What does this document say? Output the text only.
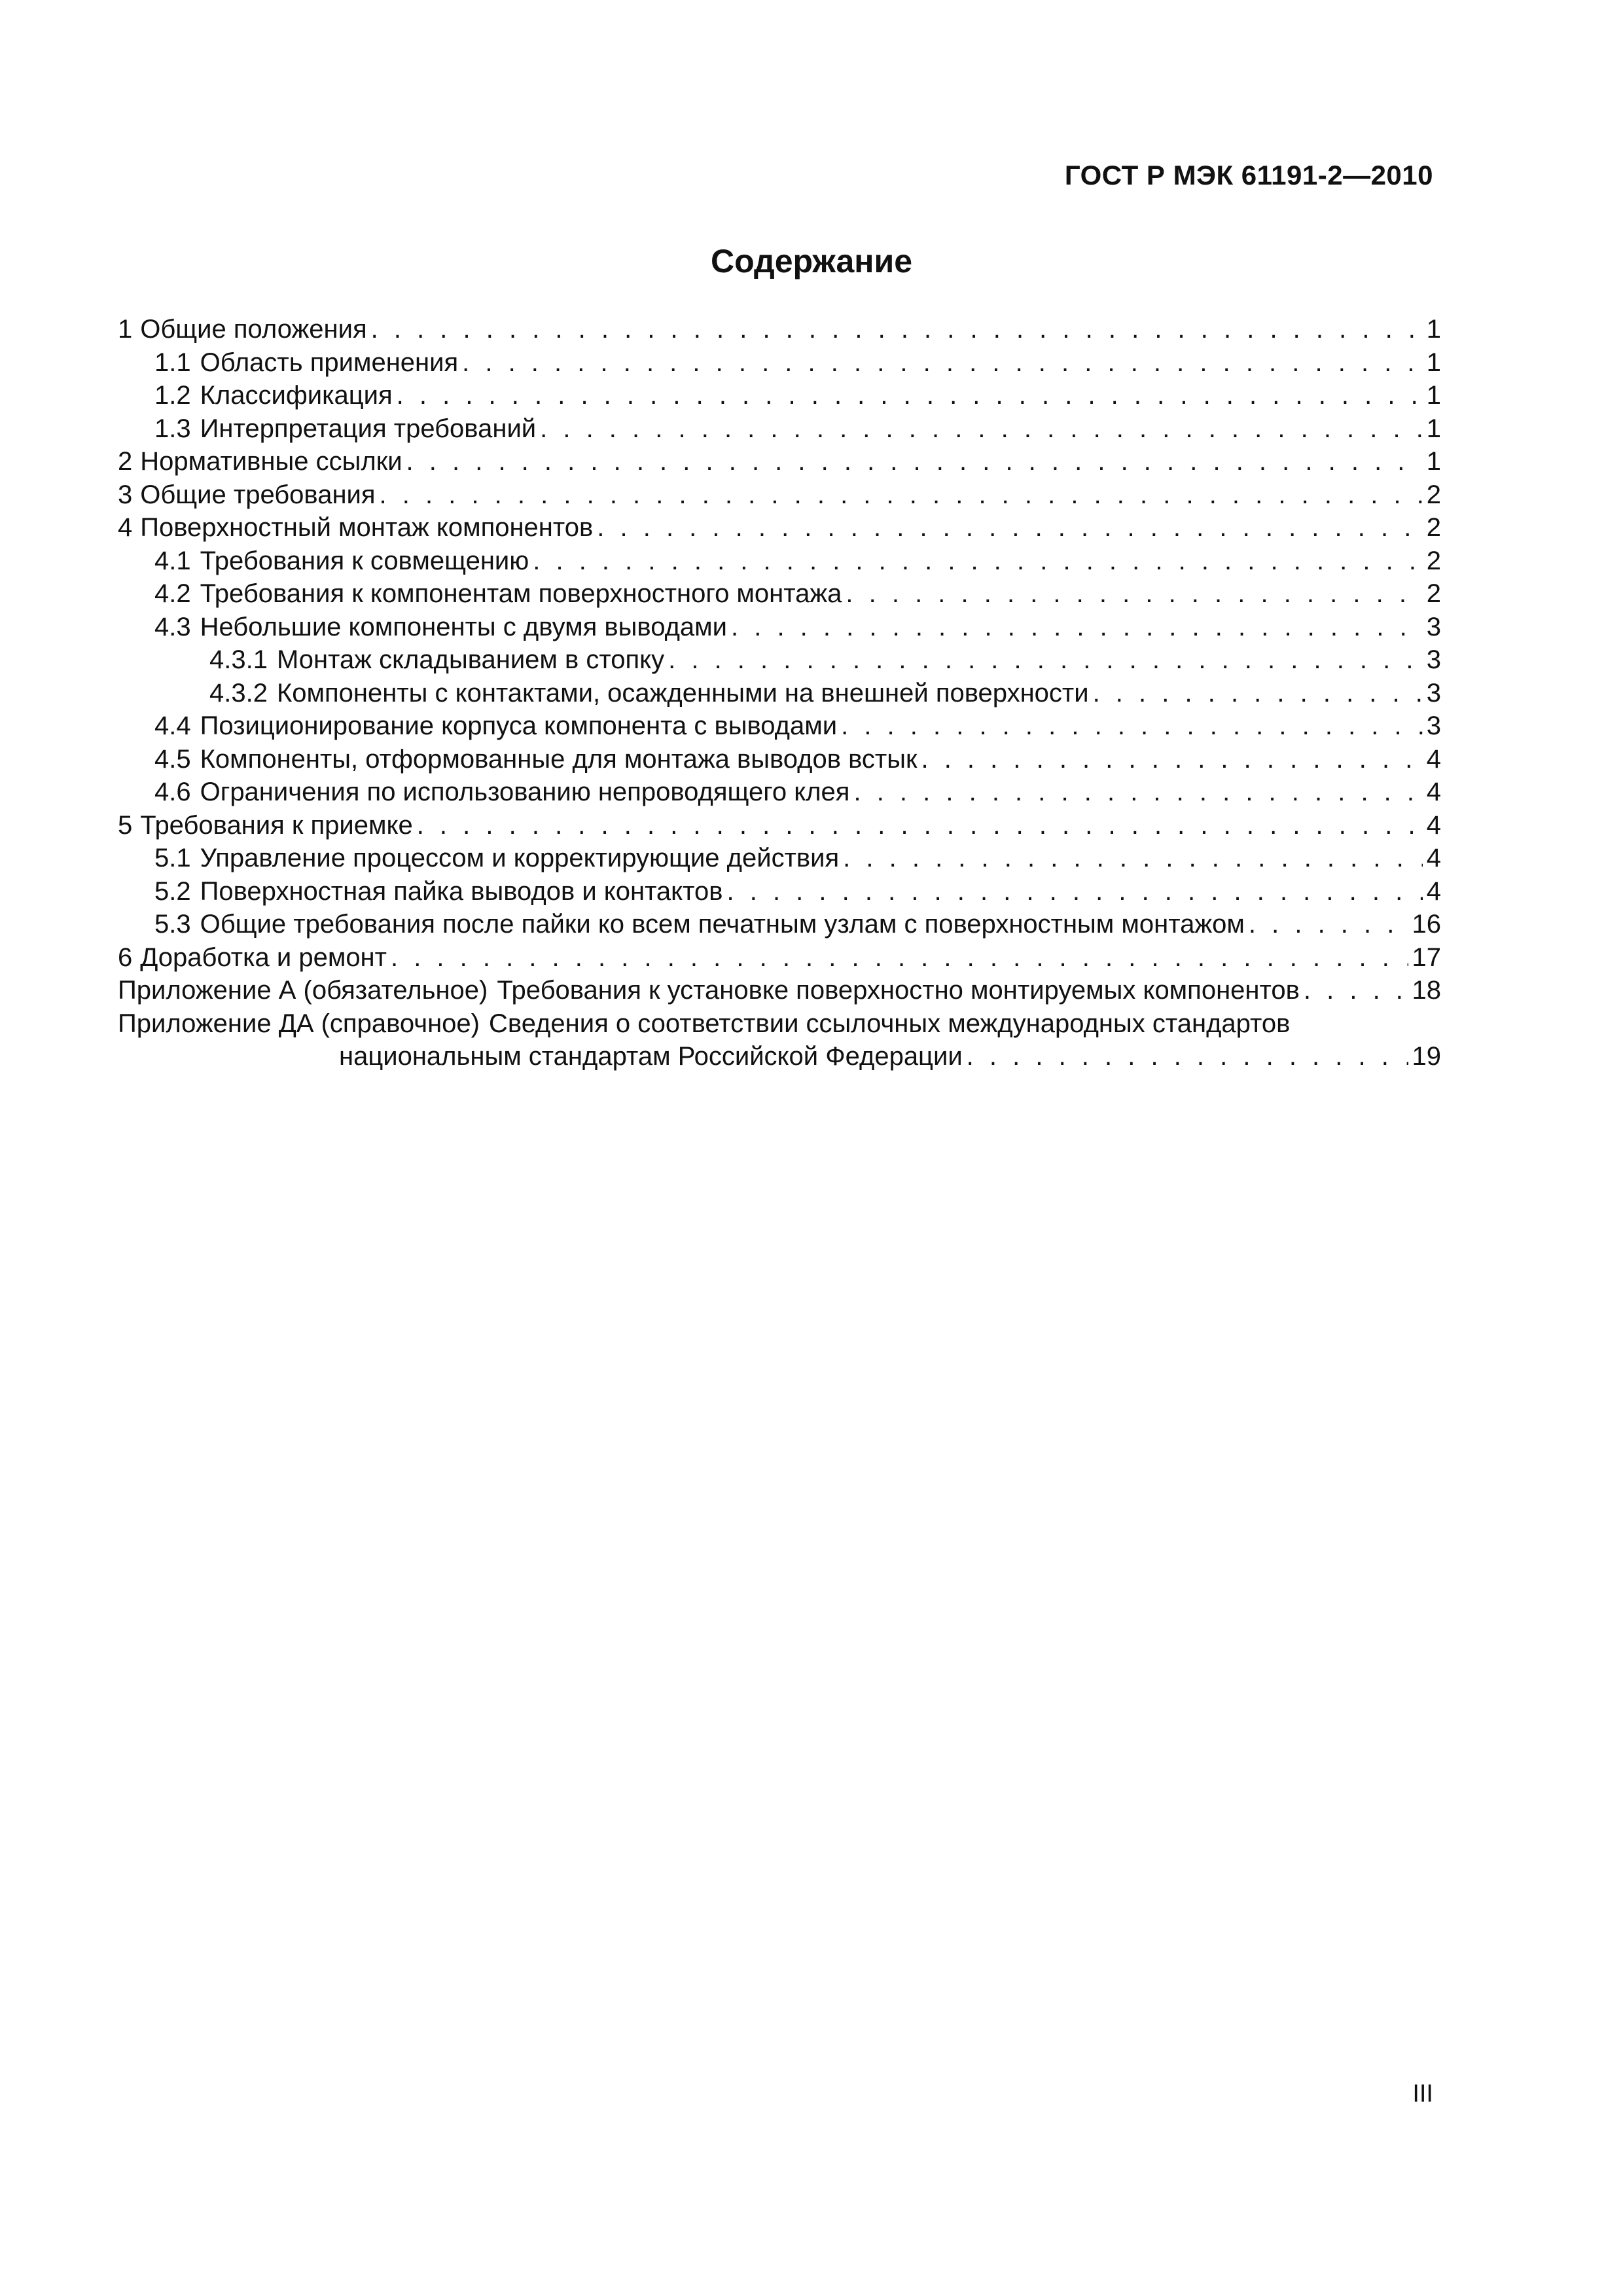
ГОСТ Р МЭК 61191-2—2010
Содержание
1 Общие положения . . .	1
1.1 Область применения . . .	1
1.2 Классификация . . .	1
1.3 Интерпретация требований . . .	1
2 Нормативные ссылки . . .	1
3 Общие требования . . .	2
4 Поверхностный монтаж компонентов . . .	2
4.1 Требования к совмещению . . .	2
4.2 Требования к компонентам поверхностного монтажа . . .	2
4.3 Небольшие компоненты с двумя выводами . . .	3
4.3.1 Монтаж складыванием в стопку . . .	3
4.3.2 Компоненты с контактами, осажденными на внешней поверхности . . .	3
4.4 Позиционирование корпуса компонента с выводами . . .	3
4.5 Компоненты, отформованные для монтажа выводов встык . . .	4
4.6 Ограничения по использованию непроводящего клея . . .	4
5 Требования к приемке . . .	4
5.1 Управление процессом и корректирующие действия . . .	4
5.2 Поверхностная пайка выводов и контактов . . .	4
5.3 Общие требования после пайки ко всем печатным узлам с поверхностным монтажом . . .	16
6 Доработка и ремонт . . .	17
Приложение А (обязательное) Требования к установке поверхностно монтируемых компонентов . . .	18
Приложение ДА (справочное) Сведения о соответствии ссылочных международных стандартов
национальным стандартам Российской Федерации . . .	19
III
